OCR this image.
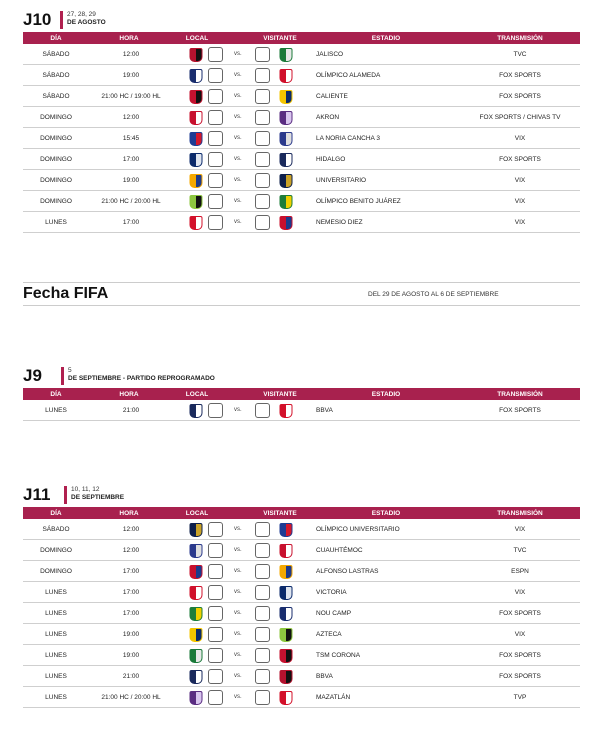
J10 27, 28, 29
DE AGOSTO
DÍA	HORA	LOCAL	VISITANTE	ESTADIO	TRANSMISIÓN
SÁBADO	12:00	vs.	JALISCO	TVC
SÁBADO	19:00	vs.	OLÍMPICO ALAMEDA	FOX SPORTS
SÁBADO	21:00 HC / 19:00 HL	vs.	CALIENTE	FOX SPORTS
DOMINGO	12:00	vs.	AKRON	FOX SPORTS / CHIVAS TV
DOMINGO	15:45	vs.	LA NORIA CANCHA 3	VIX
DOMINGO	17:00	vs.	HIDALGO	FOX SPORTS
DOMINGO	19:00	vs.	UNIVERSITARIO	VIX
DOMINGO	21:00 HC / 20:00 HL	vs.	OLÍMPICO BENITO JUÁREZ	VIX
LUNES	17:00	vs.	NEMESIO DIEZ	VIX
Fecha FIFA	DEL 29 DE AGOSTO AL 6 DE SEPTIEMBRE
J9	5
DE SEPTIEMBRE - PARTIDO REPROGRAMADO
DÍA	HORA	LOCAL	VISITANTE	ESTADIO	TRANSMISIÓN
LUNES	21:00	vs.	BBVA	FOX SPORTS
J11	10, 11, 12
DE SEPTIEMBRE
DÍA	HORA	LOCAL	VISITANTE	ESTADIO	TRANSMISIÓN
SÁBADO	12:00	vs.	OLÍMPICO UNIVERSITARIO	VIX
DOMINGO	12:00	vs.	CUAUHTÉMOC	TVC
DOMINGO	17:00	vs.	ALFONSO LASTRAS	ESPN
LUNES	17:00	vs.	VICTORIA	VIX
LUNES	17:00	vs.	NOU CAMP	FOX SPORTS
LUNES	19:00	vs.	AZTECA	VIX
LUNES	19:00	vs.	TSM CORONA	FOX SPORTS
LUNES	21:00	vs.	BBVA	FOX SPORTS
LUNES	21:00 HC / 20:00 HL	vs.	MAZATLÁN	TVP
